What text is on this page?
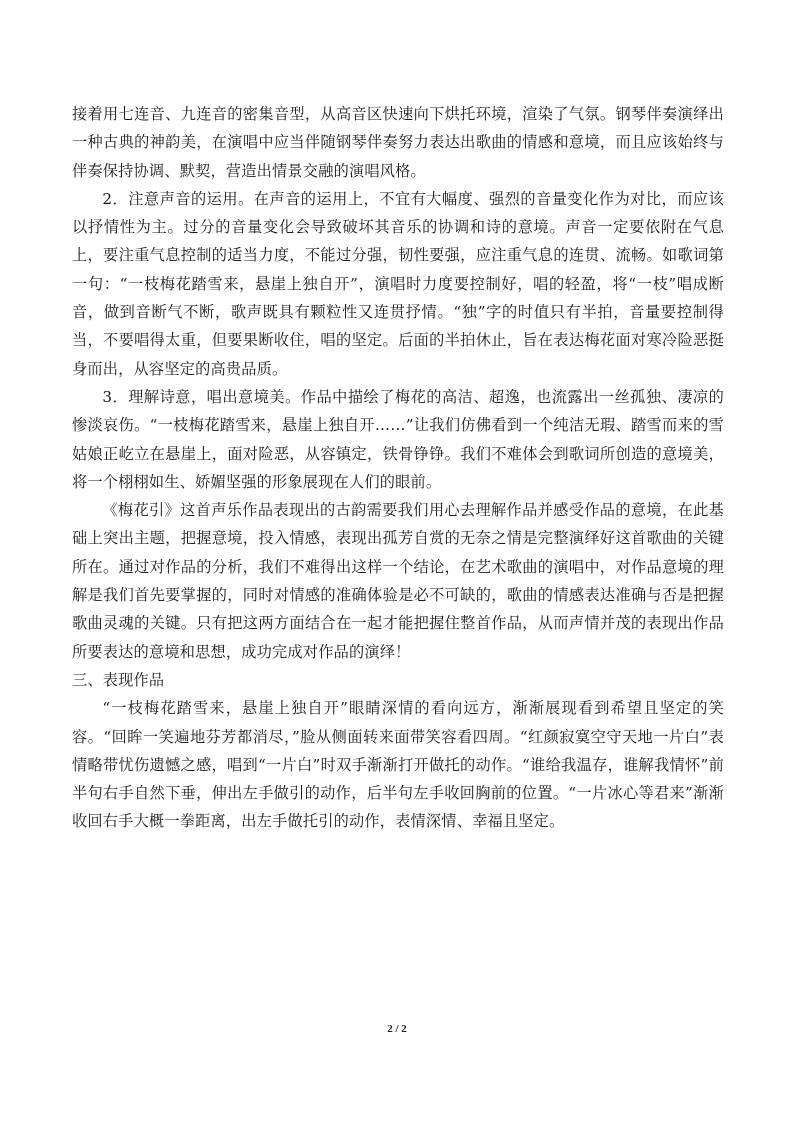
接着用七连音、九连音的密集音型，从高音区快速向下烘托环境，渲染了气氛。钢琴伴奏演绎出一种古典的神韵美，在演唱中应当伴随钢琴伴奏努力表达出歌曲的情感和意境，而且应该始终与伴奏保持协调、默契，营造出情景交融的演唱风格。

2．注意声音的运用。在声音的运用上，不宜有大幅度、强烈的音量变化作为对比，而应该以抒情性为主。过分的音量变化会导致破坏其音乐的协调和诗的意境。声音一定要依附在气息上，要注重气息控制的适当力度，不能过分强，韧性要强，应注重气息的连贯、流畅。如歌词第一句：“一枝梅花踏雪来，悬崖上独自开”，演唱时力度要控制好，唱的轻盈，将“一枝”唱成断音，做到音断气不断，歌声既具有颗粒性又连贯抒情。“独”字的时值只有半拍，音量要控制得当，不要唱得太重，但要果断收住，唱的坚定。后面的半拍休止，旨在表达梅花面对寒冷险恶挺身而出，从容坚定的高贵品质。

3．理解诗意，唱出意境美。作品中描绘了梅花的高洁、超逸，也流露出一丝孤独、凄凉的惨淡哀伤。“一枝梅花踏雪来，悬崖上独自开……”让我们仿佛看到一个纯洁无瑕、踏雪而来的雪姑娘正屹立在悬崖上，面对险恶，从容镇定，铁骨铮铮。我们不难体会到歌词所创造的意境美，将一个栩栩如生、娇媚坚强的形象展现在人们的眼前。

《梅花引》这首声乐作品表现出的古韵需要我们用心去理解作品并感受作品的意境，在此基础上突出主题，把握意境，投入情感，表现出孤芳自赏的无奈之情是完整演绎好这首歌曲的关键所在。通过对作品的分析，我们不难得出这样一个结论，在艺术歌曲的演唱中，对作品意境的理解是我们首先要掌握的，同时对情感的准确体验是必不可缺的，歌曲的情感表达准确与否是把握歌曲灵魂的关键。只有把这两方面结合在一起才能把握住整首作品，从而声情并茂的表现出作品所要表达的意境和思想，成功完成对作品的演绎！

三、表现作品

“一枝梅花踏雪来，悬崖上独自开”眼睛深情的看向远方，渐渐展现看到希望且坚定的笑容。“回眸一笑遍地芬芳都消尽，”脸从侧面转来面带笑容看四周。“红颜寂寞空守天地一片白”表情略带忧伤遗憾之感，唱到“一片白”时双手渐渐打开做托的动作。“谁给我温存，谁解我情怀”前半句右手自然下垂，伸出左手做引的动作，后半句左手收回胸前的位置。“一片冰心等君来”渐渐收回右手大概一拳距离，出左手做托引的动作，表情深情、幸福且坚定。

2 / 2
